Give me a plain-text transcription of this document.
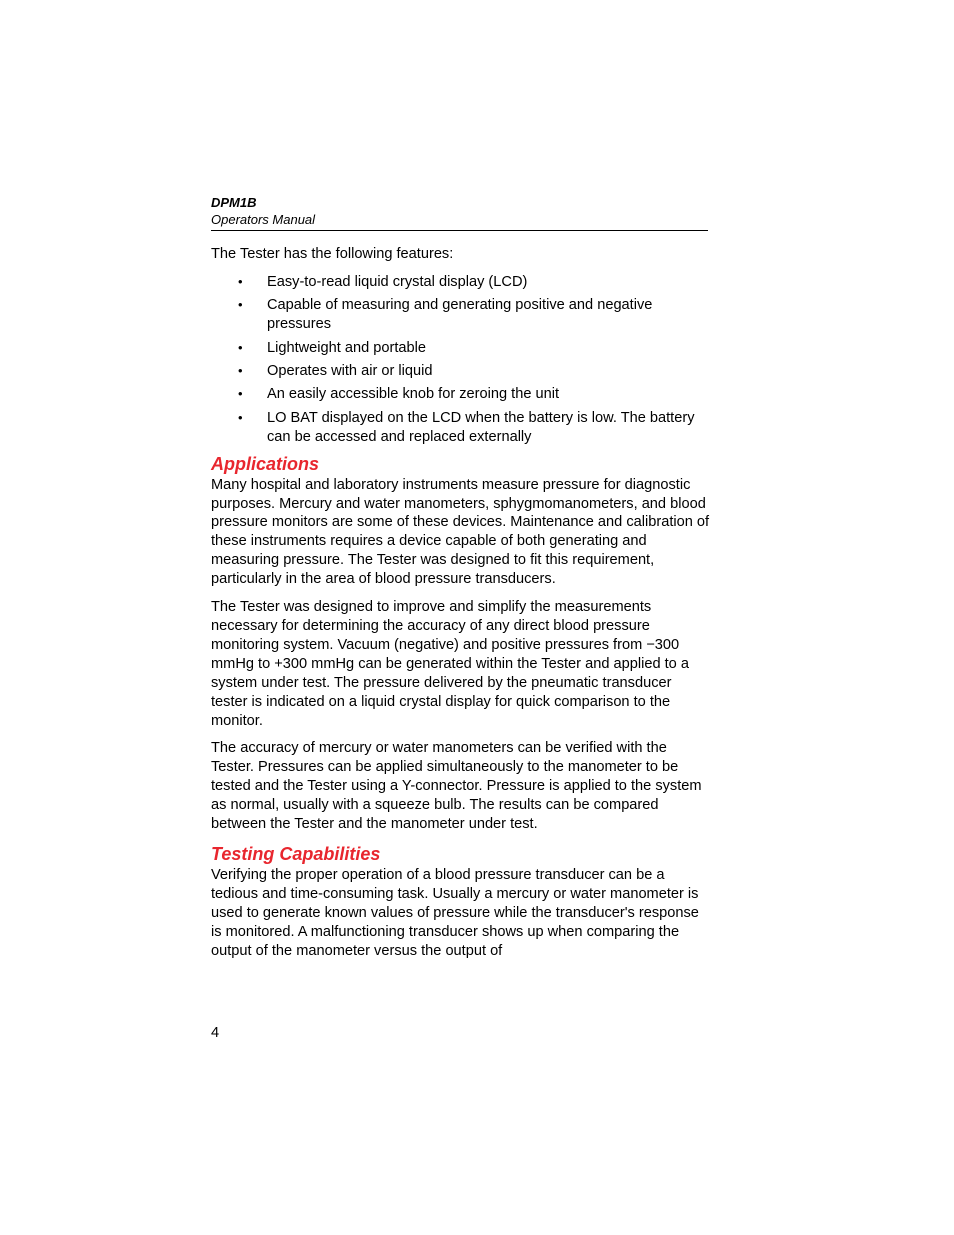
DPM1B
Operators Manual

The Tester has the following features:

• Easy-to-read liquid crystal display (LCD)
• Capable of measuring and generating positive and negative pressures
• Lightweight and portable
• Operates with air or liquid
• An easily accessible knob for zeroing the unit
• LO BAT displayed on the LCD when the battery is low. The battery can be accessed and replaced externally
Applications

Many hospital and laboratory instruments measure pressure for diagnostic purposes. Mercury and water manometers, sphygmomanometers, and blood pressure monitors are some of these devices. Maintenance and calibration of these instruments requires a device capable of both generating and measuring pressure. The Tester was designed to fit this requirement, particularly in the area of blood pressure transducers.

The Tester was designed to improve and simplify the measurements necessary for determining the accuracy of any direct blood pressure monitoring system. Vacuum (negative) and positive pressures from −300 mmHg to +300 mmHg can be generated within the Tester and applied to a system under test. The pressure delivered by the pneumatic transducer tester is indicated on a liquid crystal display for quick comparison to the monitor.

The accuracy of mercury or water manometers can be verified with the Tester. Pressures can be applied simultaneously to the manometer to be tested and the Tester using a Y-connector. Pressure is applied to the system as normal, usually with a squeeze bulb. The results can be compared between the Tester and the manometer under test.

Testing Capabilities

Verifying the proper operation of a blood pressure transducer can be a tedious and time-consuming task. Usually a mercury or water manometer is used to generate known values of pressure while the transducer's response is monitored. A malfunctioning transducer shows up when comparing the output of the manometer versus the output of

4
